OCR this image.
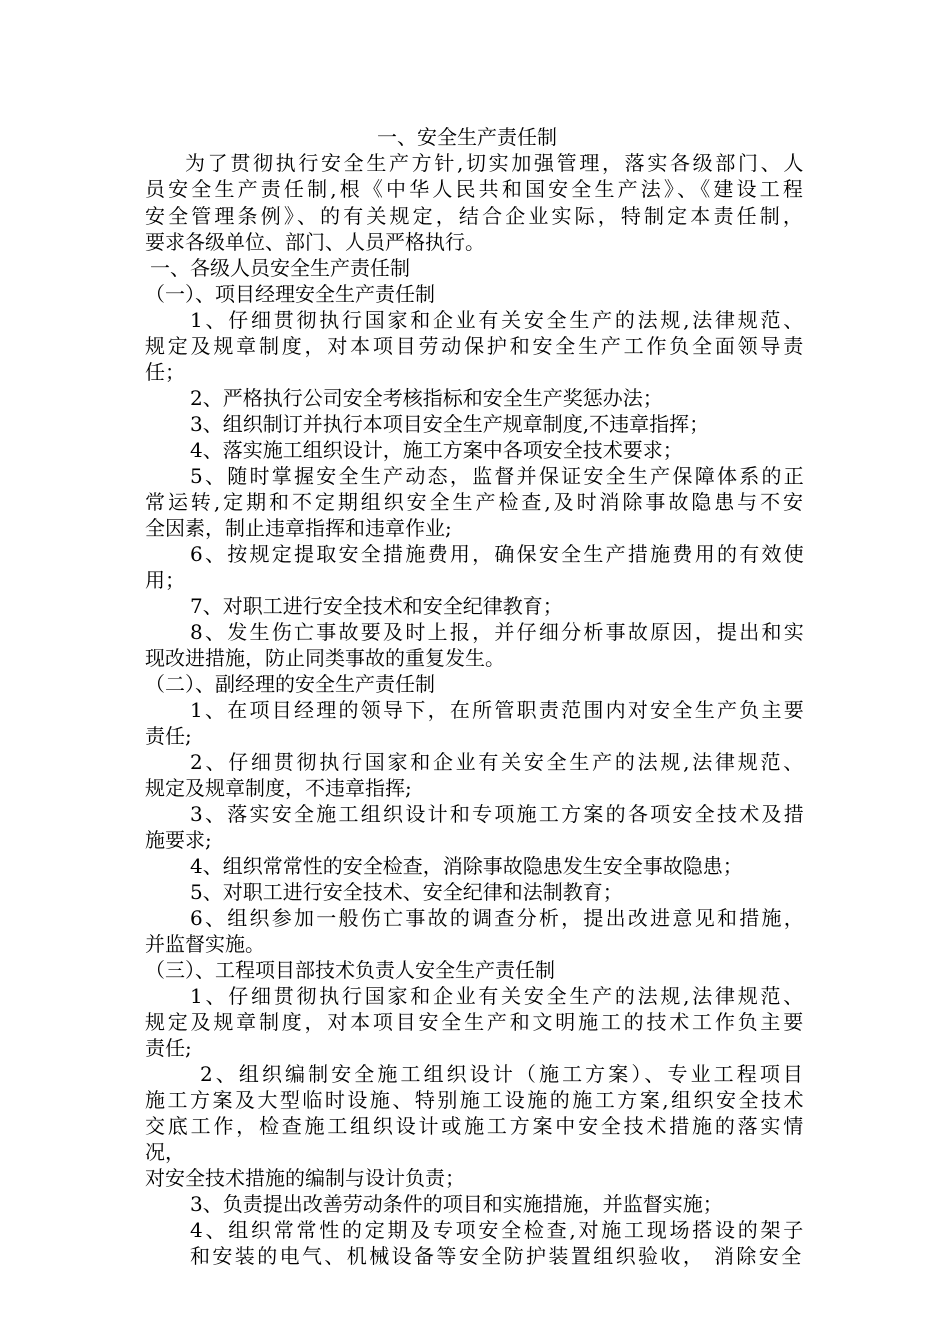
一、安全生产责任制
为了贯彻执行安全生产方针,切实加强管理，落实各级部门、人
员安全生产责任制,根《中华人民共和国安全生产法》、《建设工程
安全管理条例》、的有关规定，结合企业实际，特制定本责任制，
要求各级单位、部门、人员严格执行。
一、各级人员安全生产责任制
（一）、项目经理安全生产责任制
1、仔细贯彻执行国家和企业有关安全生产的法规,法律规范、
规定及规章制度，对本项目劳动保护和安全生产工作负全面领导责
任；
2、严格执行公司安全考核指标和安全生产奖惩办法；
3、组织制订并执行本项目安全生产规章制度,不违章指挥；
4、落实施工组织设计，施工方案中各项安全技术要求；
5、随时掌握安全生产动态，监督并保证安全生产保障体系的正
常运转,定期和不定期组织安全生产检查,及时消除事故隐患与不安
全因素，制止违章指挥和违章作业;
6、按规定提取安全措施费用，确保安全生产措施费用的有效使
用；
7、对职工进行安全技术和安全纪律教育；
8、发生伤亡事故要及时上报，并仔细分析事故原因，提出和实
现改进措施，防止同类事故的重复发生。
（二）、副经理的安全生产责任制
1、在项目经理的领导下，在所管职责范围内对安全生产负主要
责任;
2、仔细贯彻执行国家和企业有关安全生产的法规,法律规范、
规定及规章制度，不违章指挥;
3、落实安全施工组织设计和专项施工方案的各项安全技术及措
施要求;
4、组织常常性的安全检查，消除事故隐患发生安全事故隐患；
5、对职工进行安全技术、安全纪律和法制教育；
6、组织参加一般伤亡事故的调查分析，提出改进意见和措施，
并监督实施。
（三）、工程项目部技术负责人安全生产责任制
1、仔细贯彻执行国家和企业有关安全生产的法规,法律规范、
规定及规章制度，对本项目安全生产和文明施工的技术工作负主要
责任;
2、组织编制安全施工组织设计（施工方案）、专业工程项目
施工方案及大型临时设施、特别施工设施的施工方案,组织安全技术
交底工作，检查施工组织设计或施工方案中安全技术措施的落实情
况，
对安全技术措施的编制与设计负责；
3、负责提出改善劳动条件的项目和实施措施，并监督实施；
4、组织常常性的定期及专项安全检查,对施工现场搭设的架子
和安装的电气、机械设备等安全防护装置组织验收， 消除安全
